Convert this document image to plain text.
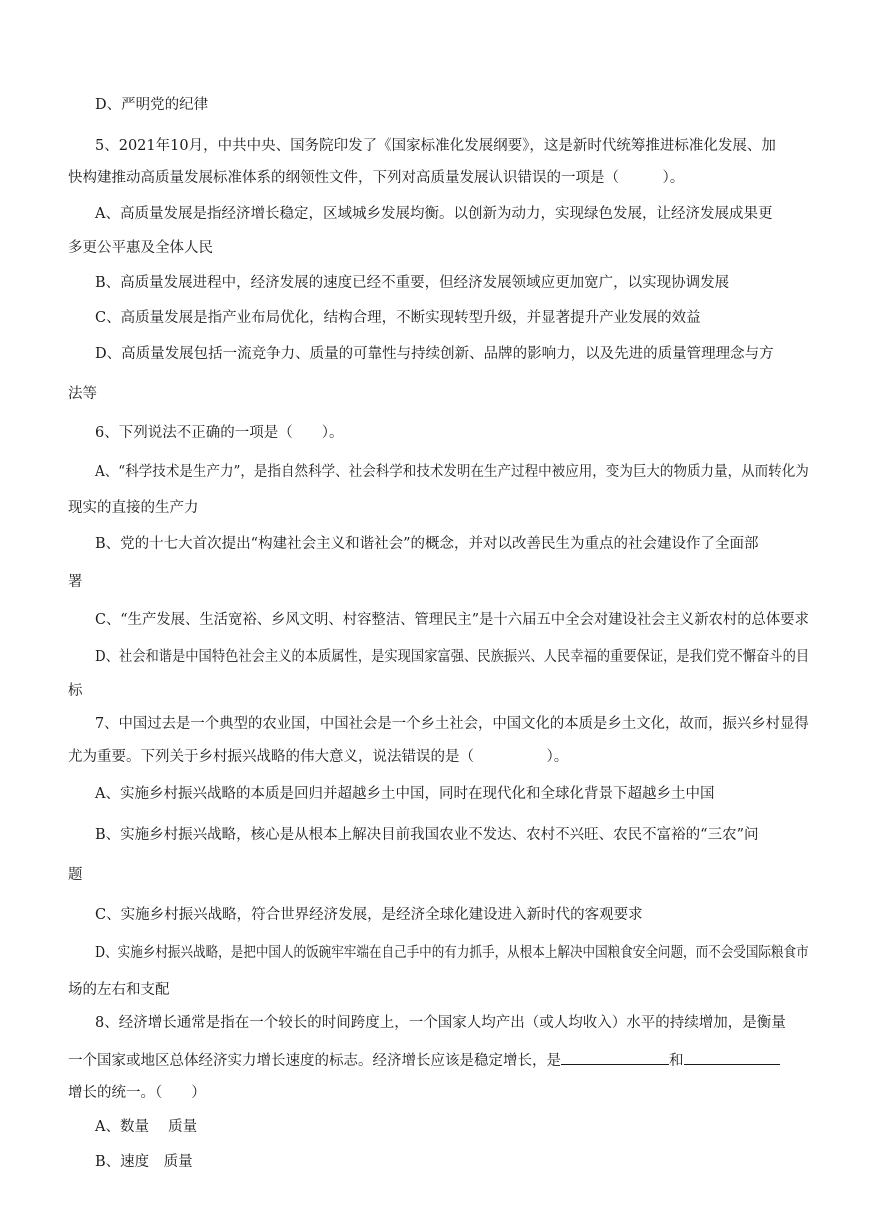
D、严明党的纪律
5、2021年10月，中共中央、国务院印发了《国家标准化发展纲要》，这是新时代统筹推进标准化发展、加
快构建推动高质量发展标准体系的纲领性文件，下列对高质量发展认识错误的一项是（　　　）。
A、高质量发展是指经济增长稳定，区域城乡发展均衡。以创新为动力，实现绿色发展，让经济发展成果更
多更公平惠及全体人民
B、高质量发展进程中，经济发展的速度已经不重要，但经济发展领域应更加宽广，以实现协调发展
C、高质量发展是指产业布局优化，结构合理，不断实现转型升级，并显著提升产业发展的效益
D、高质量发展包括一流竞争力、质量的可靠性与持续创新、品牌的影响力，以及先进的质量管理理念与方
法等
6、下列说法不正确的一项是（　　）。
A、“科学技术是生产力”，是指自然科学、社会科学和技术发明在生产过程中被应用，变为巨大的物质力量，从而转化为
现实的直接的生产力
B、党的十七大首次提出“构建社会主义和谐社会”的概念，并对以改善民生为重点的社会建设作了全面部
署
C、“生产发展、生活宽裕、乡风文明、村容整洁、管理民主”是十六届五中全会对建设社会主义新农村的总体要求
D、社会和谐是中国特色社会主义的本质属性，是实现国家富强、民族振兴、人民幸福的重要保证，是我们党不懈奋斗的目
标
7、中国过去是一个典型的农业国，中国社会是一个乡土社会，中国文化的本质是乡土文化，故而，振兴乡村显得
尤为重要。下列关于乡村振兴战略的伟大意义，说法错误的是（　　　　　）。
A、实施乡村振兴战略的本质是回归并超越乡土中国，同时在现代化和全球化背景下超越乡土中国
B、实施乡村振兴战略，核心是从根本上解决目前我国农业不发达、农村不兴旺、农民不富裕的“三农”问
题
C、实施乡村振兴战略，符合世界经济发展，是经济全球化建设进入新时代的客观要求
D、实施乡村振兴战略，是把中国人的饭碗牢牢端在自己手中的有力抓手，从根本上解决中国粮食安全问题，而不会受国际粮食市
场的左右和支配
8、经济增长通常是指在一个较长的时间跨度上，一个国家人均产出（或人均收入）水平的持续增加，是衡量
一个国家或地区总体经济实力增长速度的标志。经济增长应该是稳定增长，是	和
增长的统一。（　　）
A、数量　 质量
B、速度　质量
